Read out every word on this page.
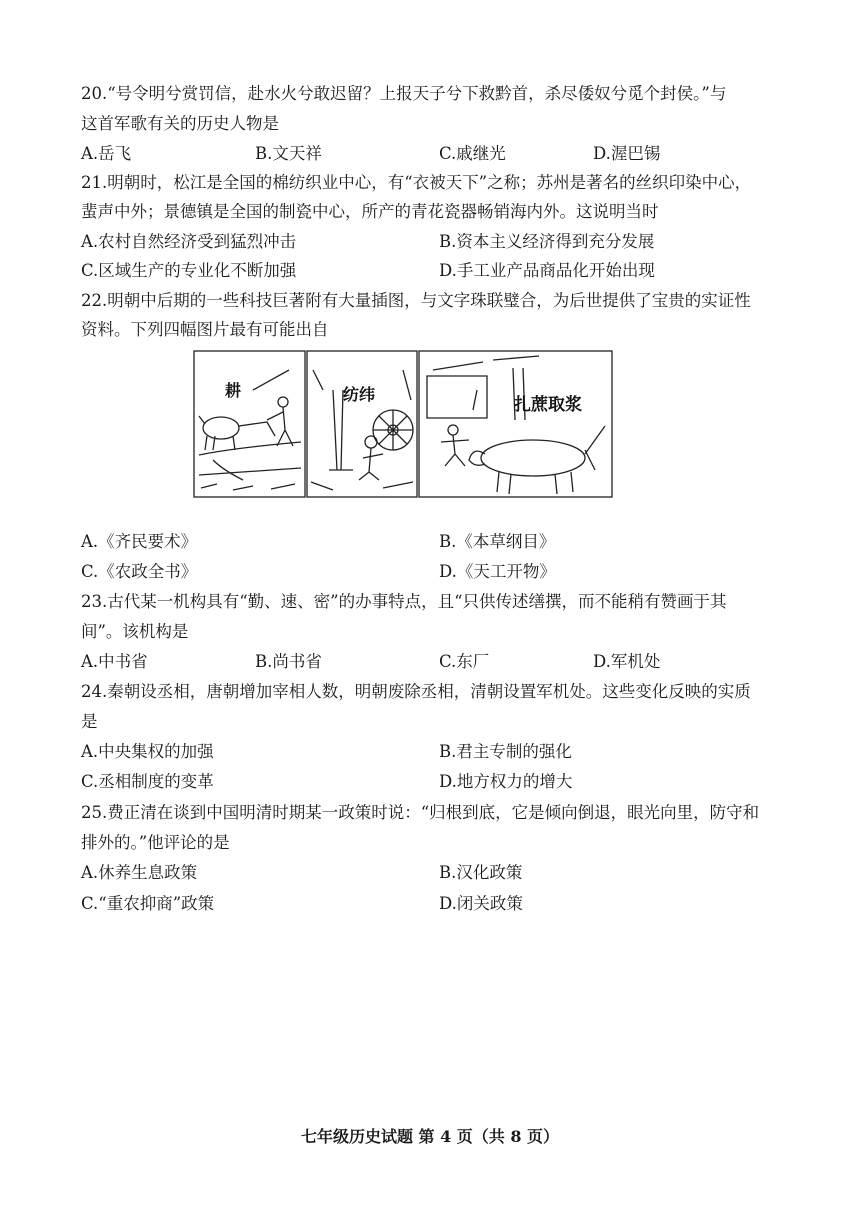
20.“号令明兮赏罚信，赴水火兮敢迟留？上报天子兮下救黔首，杀尽倭奴兮觅个封侯。”与
这首军歌有关的历史人物是
A.岳飞	B.文天祥	C.戚继光	D.渥巴锡
21.明朝时，松江是全国的棉纺织业中心，有“衣被天下”之称；苏州是著名的丝织印染中心，
蜚声中外；景德镇是全国的制瓷中心，所产的青花瓷器畅销海内外。这说明当时
A.农村自然经济受到猛烈冲击	B.资本主义经济得到充分发展
C.区域生产的专业化不断加强	D.手工业产品商品化开始出现
22.明朝中后期的一些科技巨著附有大量插图，与文字珠联璧合，为后世提供了宝贵的实证性
资料。下列四幅图片最有可能出自
耕	纺纬
扎蔗取浆
A.《齐民要术》	B.《本草纲目》
C.《农政全书》	D.《天工开物》
23.古代某一机构具有“勤、速、密”的办事特点，且“只供传述缮撰，而不能稍有赞画于其
间”。该机构是
A.中书省	B.尚书省	C.东厂	D.军机处
24.秦朝设丞相，唐朝增加宰相人数，明朝废除丞相，清朝设置军机处。这些变化反映的实质
是
A.中央集权的加强	B.君主专制的强化
C.丞相制度的变革	D.地方权力的增大
25.费正清在谈到中国明清时期某一政策时说：“归根到底，它是倾向倒退，眼光向里，防守和
排外的。”他评论的是
A.休养生息政策	B.汉化政策
C.“重农抑商”政策	D.闭关政策
七年级历史试题 第 4 页（共 8 页）
